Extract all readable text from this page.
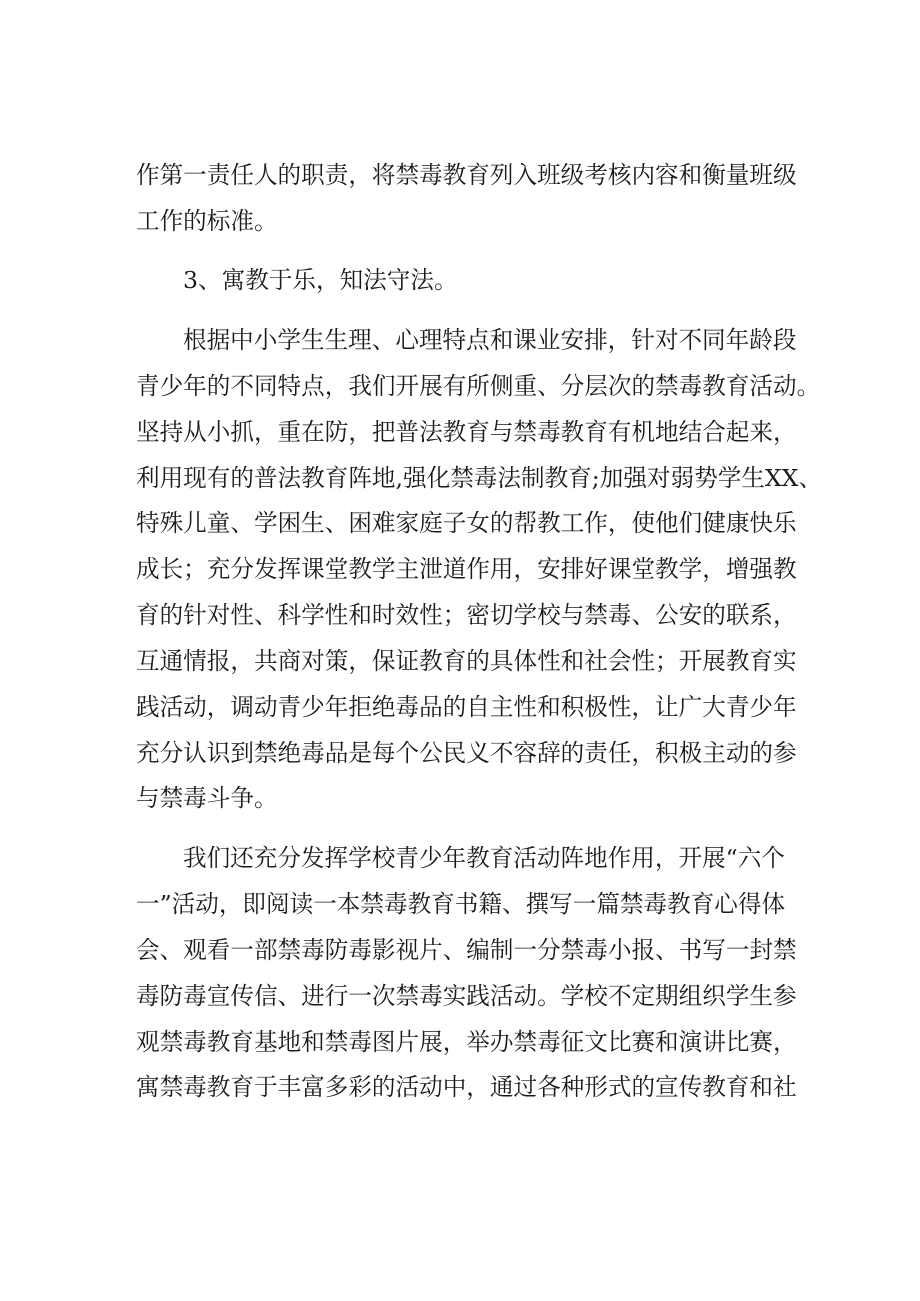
作第一责任人的职责，将禁毒教育列入班级考核内容和衡量班级
工作的标准。
3、寓教于乐，知法守法。
根据中小学生生理、心理特点和课业安排，针对不同年龄段
青少年的不同特点，我们开展有所侧重、分层次的禁毒教育活动。
坚持从小抓，重在防，把普法教育与禁毒教育有机地结合起来，
利用现有的普法教育阵地,强化禁毒法制教育;加强对弱势学生XX、
特殊儿童、学困生、困难家庭子女的帮教工作，使他们健康快乐
成长；充分发挥课堂教学主泄道作用，安排好课堂教学，增强教
育的针对性、科学性和时效性；密切学校与禁毒、公安的联系，
互通情报，共商对策，保证教育的具体性和社会性；开展教育实
践活动，调动青少年拒绝毒品的自主性和积极性，让广大青少年
充分认识到禁绝毒品是每个公民义不容辞的责任，积极主动的参
与禁毒斗争。
我们还充分发挥学校青少年教育活动阵地作用，开展“六个
一”活动，即阅读一本禁毒教育书籍、撰写一篇禁毒教育心得体
会、观看一部禁毒防毒影视片、编制一分禁毒小报、书写一封禁
毒防毒宣传信、进行一次禁毒实践活动。学校不定期组织学生参
观禁毒教育基地和禁毒图片展，举办禁毒征文比赛和演讲比赛，
寓禁毒教育于丰富多彩的活动中，通过各种形式的宣传教育和社
